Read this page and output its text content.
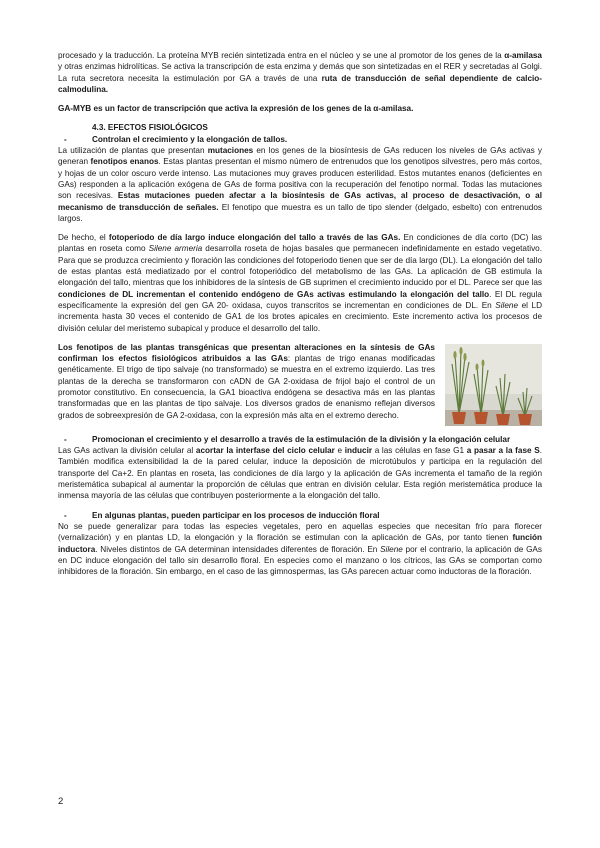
procesado y la traducción. La proteína MYB recién sintetizada entra en el núcleo y se une al promotor de los genes de la α-amilasa y otras enzimas hidrolíticas. Se activa la transcripción de esta enzima y demás que son sintetizadas en el RER y secretadas al Golgi. La ruta secretora necesita la estimulación por GA a través de una ruta de transducción de señal dependiente de calcio-calmodulina.

GA-MYB es un factor de transcripción que activa la expresión de los genes de la α-amilasa.

4.3. EFECTOS FISIOLÓGICOS
-	Controlan el crecimiento y la elongación de tallos.

La utilización de plantas que presentan mutaciones en los genes de la biosíntesis de GAs reducen los niveles de GAs activas y generan fenotipos enanos. Estas plantas presentan el mismo número de entrenudos que los genotipos silvestres, pero más cortos, y hojas de un color oscuro verde intenso. Las mutaciones muy graves producen esterilidad. Estos mutantes enanos (deficientes en GAs) responden a la aplicación exógena de GAs de forma positiva con la recuperación del fenotipo normal. Todas las mutaciones son recesivas. Estas mutaciones pueden afectar a la biosíntesis de GAs activas, al proceso de desactivación, o al mecanismo de transducción de señales. El fenotipo que muestra es un tallo de tipo slender (delgado, esbelto) con entrenudos largos.

De hecho, el fotoperiodo de día largo induce elongación del tallo a través de las GAs. En condiciones de día corto (DC) las plantas en roseta como Silene armeria desarrolla roseta de hojas basales que permanecen indefinidamente en estado vegetativo. Para que se produzca crecimiento y floración las condiciones del fotoperiodo tienen que ser de día largo (DL). La elongación del tallo de estas plantas está mediatizado por el control fotoperiódico del metabolismo de las GAs. La aplicación de GB estimula la elongación del tallo, mientras que los inhibidores de la síntesis de GB suprimen el crecimiento inducido por el DL. Parece ser que las condiciones de DL incrementan el contenido endógeno de GAs activas estimulando la elongación del tallo. El DL regula específicamente la expresión del gen GA 20- oxidasa, cuyos transcritos se incrementan en condiciones de DL. En Silene el LD incrementa hasta 30 veces el contenido de GA1 de los brotes apicales en crecimiento. Este incremento activa los procesos de división celular del meristemo subapical y produce el desarrollo del tallo.

Los fenotipos de las plantas transgénicas que presentan alteraciones en la síntesis de GAs confirman los efectos fisiológicos atribuidos a las GAs: plantas de trigo enanas modificadas genéticamente. El trigo de tipo salvaje (no transformado) se muestra en el extremo izquierdo. Las tres plantas de la derecha se transformaron con cADN de GA 2-oxidasa de frijol bajo el control de un promotor constitutivo. En consecuencia, la GA1 bioactiva endógena se desactiva más en las plantas transformadas que en las plantas de tipo salvaje. Los diversos grados de enanismo reflejan diversos grados de sobreexpresión de GA 2-oxidasa, con la expresión más alta en el extremo derecho.

-	Promocionan el crecimiento y el desarrollo a través de la estimulación de la división y la elongación celular

Las GAs activan la división celular al acortar la interfase del ciclo celular e inducir a las células en fase G1 a pasar a la fase S. También modifica extensibilidad la de la pared celular, induce la deposición de microtúbulos y participa en la regulación del transporte del Ca+2. En plantas en roseta, las condiciones de día largo y la aplicación de GAs incrementa el tamaño de la región meristemática subapical al aumentar la proporción de células que entran en división celular. Esta región meristemática produce la inmensa mayoría de las células que contribuyen posteriormente a la elongación del tallo.

-	En algunas plantas, pueden participar en los procesos de inducción floral

No se puede generalizar para todas las especies vegetales, pero en aquellas especies que necesitan frío para florecer (vernalización) y en plantas LD, la elongación y la floración se estimulan con la aplicación de GAs, por tanto tienen función inductora. Niveles distintos de GA determinan intensidades diferentes de floración. En Silene por el contrario, la aplicación de GAs en DC induce elongación del tallo sin desarrollo floral. En especies como el manzano o los cítricos, las GAs se comportan como inhibidores de la floración. Sin embargo, en el caso de las gimnospermas, las GAs parecen actuar como inductoras de la floración.

2
